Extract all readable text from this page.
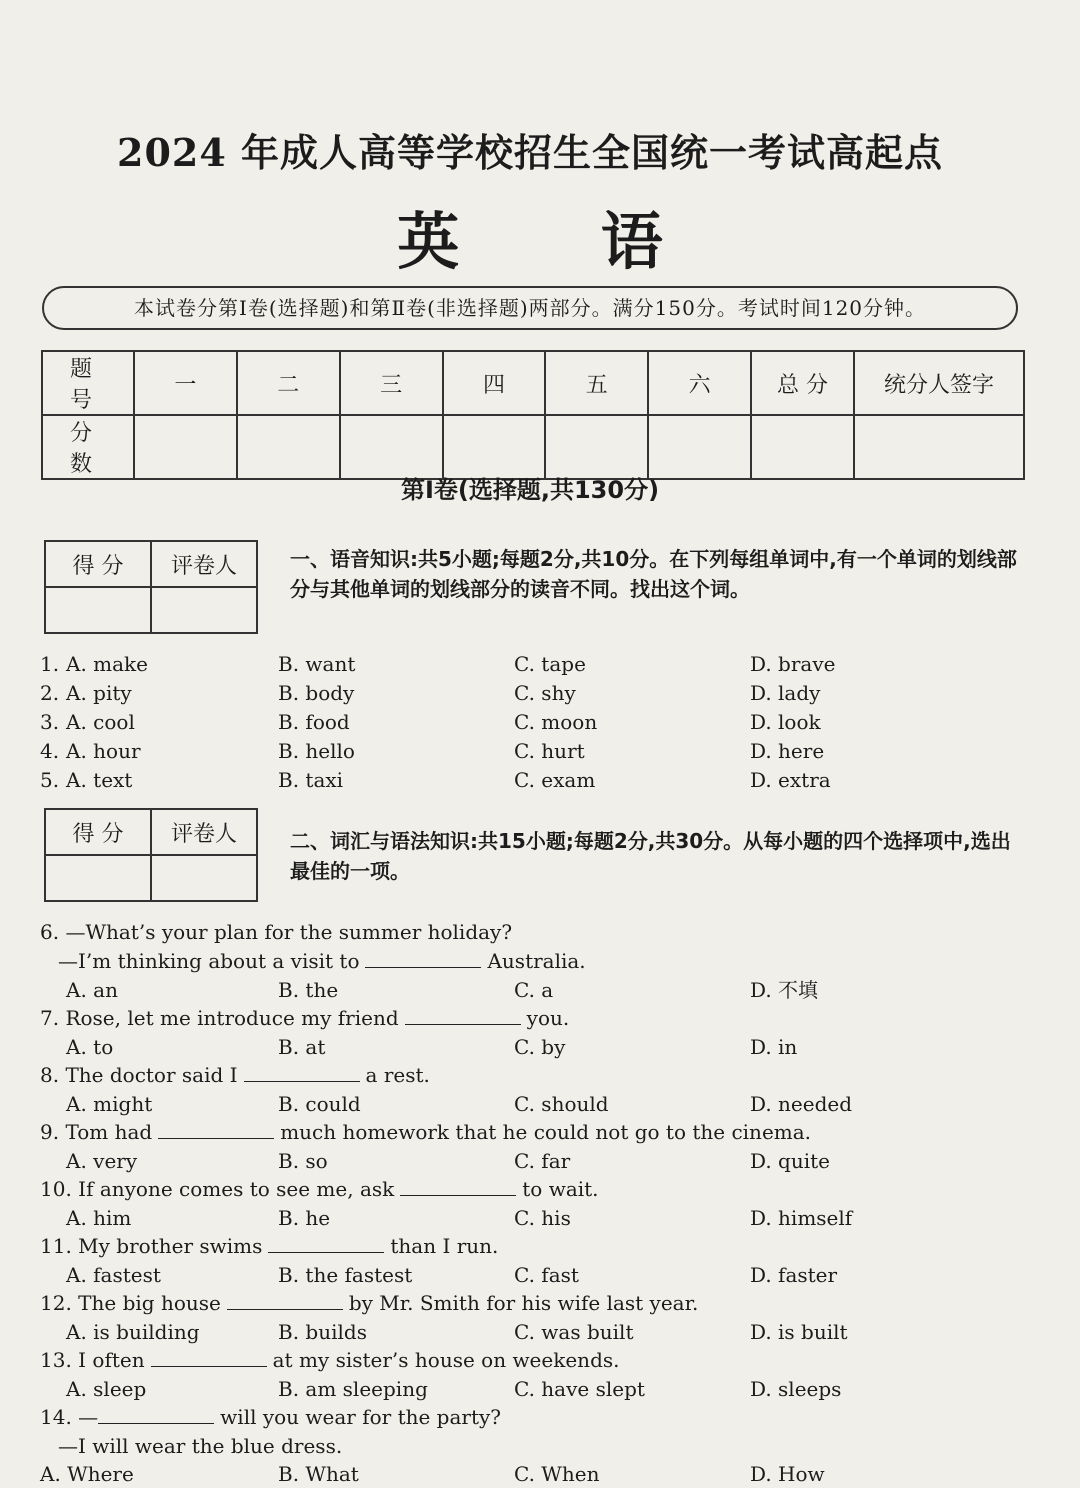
2024 年成人高等学校招生全国统一考试高起点
英 语
本试卷分第Ⅰ卷(选择题)和第Ⅱ卷(非选择题)两部分。满分150分。考试时间120分钟。
题 号	一	二	三	四	五	六	总 分	统分人签字
分 数								
第Ⅰ卷(选择题,共130分)
得 分	评卷人
		一、语音知识:共5小题;每题2分,共10分。在下列每组单词中,有一个单词的划线部分与其他单词的划线部分的读音不同。找出这个词。
1. A. make	B. want	C. tape	D. brave
2. A. pity	B. body	C. shy	D. lady
3. A. cool	B. food	C. moon	D. look
4. A. hour	B. hello	C. hurt	D. here
5. A. text	B. taxi	C. exam	D. extra
得 分	评卷人
		二、词汇与语法知识:共15小题;每题2分,共30分。从每小题的四个选择项中,选出最佳的一项。
6. —What’s your plan for the summer holiday?
—I’m thinking about a visit to	Australia.
A. an	B. the	C. a	D. 不填
7. Rose, let me introduce my friend	you.
A. to	B. at	C. by	D. in
8. The doctor said I	a rest.
A. might	B. could	C. should	D. needed
9. Tom had	much homework that he could not go to the cinema.
A. very	B. so	C. far	D. quite
10. If anyone comes to see me, ask	to wait.
A. him	B. he	C. his	D. himself
11. My brother swims	than I run.
A. fastest	B. the fastest	C. fast	D. faster
12. The big house	by Mr. Smith for his wife last year.
A. is building	B. builds	C. was built	D. is built
13. I often	at my sister’s house on weekends.
A. sleep	B. am sleeping	C. have slept	D. sleeps
14. —	will you wear for the party?
—I will wear the blue dress.
A. Where	B. What	C. When	D. How
